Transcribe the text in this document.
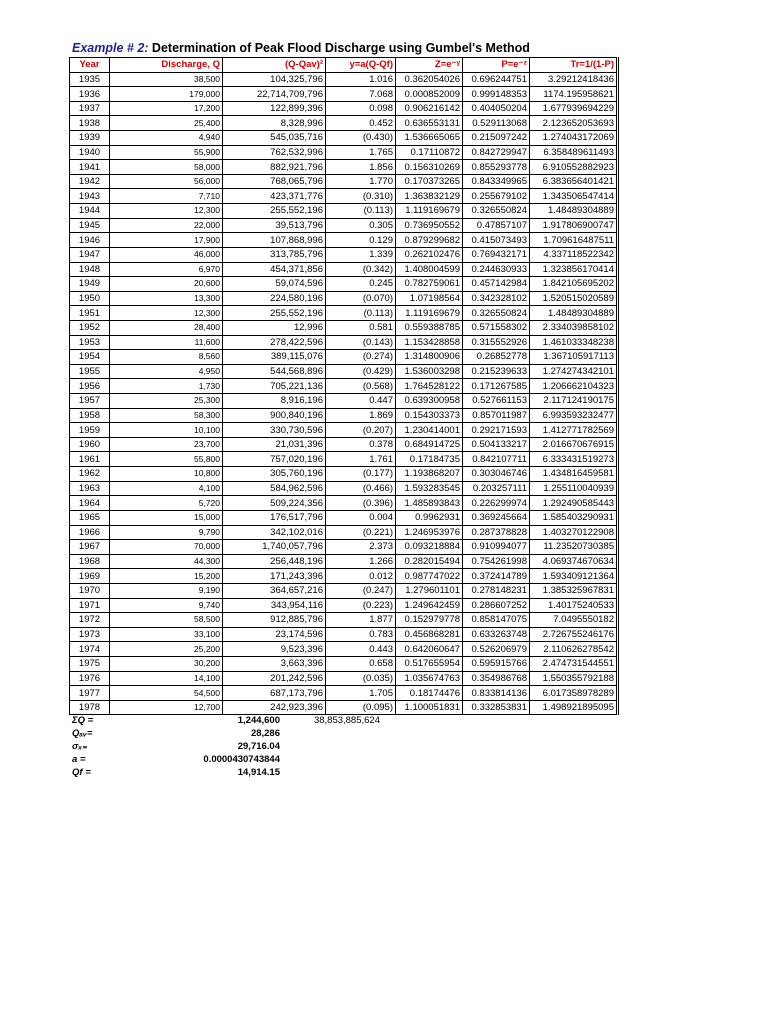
Example # 2: Determination of Peak Flood Discharge using Gumbel's Method
Year	Discharge, Q	(Q-Qav)²	y=a(Q-Qf)	Z=e⁻ʸ	P=e⁻ᶻ	Tr=1/(1-P)
1935	38,500	104,325,796	1.016	0.362054026	0.696244751	3.29212418436
1936	179,000	22,714,709,796	7.068	0.000852009	0.999148353	1174.195958621
1937	17,200	122,899,396	0.098	0.906216142	0.404050204	1.677939694229
1938	25,400	8,328,996	0.452	0.636553131	0.529113068	2.123652053693
1939	4,940	545,035,716	(0.430)	1.536665065	0.215097242	1.274043172069
1940	55,900	762,532,996	1.765	0.17110872	0.842729947	6.358489611493
1941	58,000	882,921,796	1.856	0.156310269	0.855293778	6.910552882923
1942	56,000	768,065,796	1.770	0.170373265	0.843349965	6.383656401421
1943	7,710	423,371,776	(0.310)	1.363832129	0.255679102	1.343506547414
1944	12,300	255,552,196	(0.113)	1.119169679	0.326550824	1.48489304889
1945	22,000	39,513,796	0.305	0.736950552	0.47857107	1.917806900747
1946	17,900	107,868,996	0.129	0.879299682	0.415073493	1.709616487511
1947	46,000	313,785,796	1.339	0.262102476	0.769432171	4.337118522342
1948	6,970	454,371,856	(0.342)	1.408004599	0.244630933	1.323856170414
1949	20,600	59,074,596	0.245	0.782759061	0.457142984	1.842105695202
1950	13,300	224,580,196	(0.070)	1.07198564	0.342328102	1.520515020589
1951	12,300	255,552,196	(0.113)	1.119169679	0.326550824	1.48489304889
1952	28,400	12,996	0.581	0.559388785	0.571558302	2.334039858102
1953	11,600	278,422,596	(0.143)	1.153428858	0.315552926	1.461033348238
1954	8,560	389,115,076	(0.274)	1.314800906	0.26852778	1.367105917113
1955	4,950	544,568,896	(0.429)	1.536003298	0.215239633	1.274274342101
1956	1,730	705,221,136	(0.568)	1.764528122	0.171267585	1.206662104323
1957	25,300	8,916,196	0.447	0.639300958	0.527661153	2.117124190175
1958	58,300	900,840,196	1.869	0.154303373	0.857011987	6.993593232477
1959	10,100	330,730,596	(0.207)	1.230414001	0.292171593	1.412771782569
1960	23,700	21,031,396	0.378	0.684914725	0.504133217	2.016670676915
1961	55,800	757,020,196	1.761	0.17184735	0.842107711	6.333431519273
1962	10,800	305,760,196	(0.177)	1.193868207	0.303046746	1.434816459581
1963	4,100	584,962,596	(0.466)	1.593283545	0.203257111	1.255110040939
1964	5,720	509,224,356	(0.396)	1.485893843	0.226299974	1.292490585443
1965	15,000	176,517,796	0.004	0.9962931	0.369245664	1.585403290931
1966	9,790	342,102,016	(0.221)	1.246953976	0.287378828	1.403270122908
1967	70,000	1,740,057,796	2.373	0.093218884	0.910994077	11.23520730385
1968	44,300	256,448,196	1.266	0.282015494	0.754261998	4.069374670634
1969	15,200	171,243,396	0.012	0.987747022	0.372414789	1.593409121364
1970	9,190	364,657,216	(0.247)	1.279601101	0.278148231	1.385325967831
1971	9,740	343,954,116	(0.223)	1.249642459	0.286607252	1.40175240533
1972	58,500	912,885,796	1.877	0.152979778	0.858147075	7.0495550182
1973	33,100	23,174,596	0.783	0.456868281	0.633263748	2.726755246176
1974	25,200	9,523,396	0.443	0.642060647	0.526206979	2.110626278542
1975	30,200	3,663,396	0.658	0.517655954	0.595915766	2.474731544551
1976	14,100	201,242,596	(0.035)	1.035674763	0.354986768	1.550355792188
1977	54,500	687,173,796	1.705	0.18174476	0.833814136	6.017358978289
1978	12,700	242,923,396	(0.095)	1.100051831	0.332853831	1.498921895095
ΣQ =	1,244,600	38,853,885,624
Qₐᵥ=	28,286	
σₓ₌	29,716.04	
a =	0.0000430743844	
Qf =	14,914.15	
